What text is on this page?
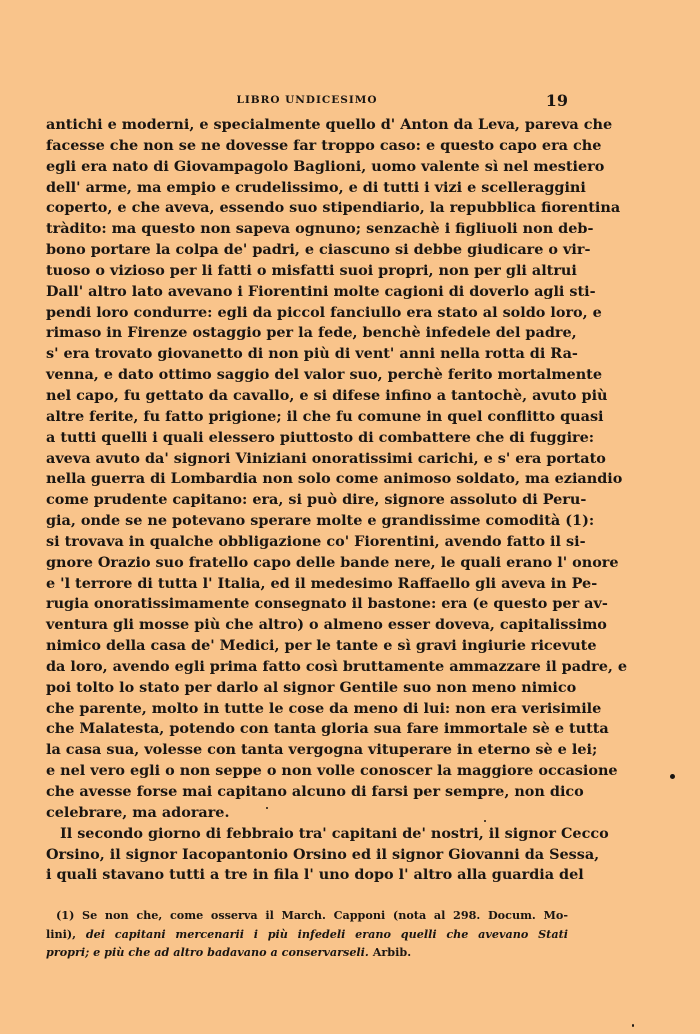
LIBRO UNDICESIMO	19
antichi e moderni, e specialmente quello d' Anton da Leva, pareva che
facesse che non se ne dovesse far troppo caso: e questo capo era che
egli era nato di Giovampagolo Baglioni, uomo valente sì nel mestiero
dell' arme, ma empio e crudelissimo, e di tutti i vizi e scelleraggini
coperto, e che aveva, essendo suo stipendiario, la repubblica fiorentina
tràdito: ma questo non sapeva ognuno; senzachè i figliuoli non deb-
bono portare la colpa de' padri, e ciascuno si debbe giudicare o vir-
tuoso o vizioso per li fatti o misfatti suoi propri, non per gli altrui
Dall' altro lato avevano i Fiorentini molte cagioni di doverlo agli sti-
pendi loro condurre: egli da piccol fanciullo era stato al soldo loro, e
rimaso in Firenze ostaggio per la fede, benchè infedele del padre,
s' era trovato giovanetto di non più di vent' anni nella rotta di Ra-
venna, e dato ottimo saggio del valor suo, perchè ferito mortalmente
nel capo, fu gettato da cavallo, e si difese infino a tantochè, avuto più
altre ferite, fu fatto prigione; il che fu comune in quel conflitto quasi
a tutti quelli i quali elessero piuttosto di combattere che di fuggire:
aveva avuto da' signori Viniziani onoratissimi carichi, e s' era portato
nella guerra di Lombardia non solo come animoso soldato, ma eziandio
come prudente capitano: era, si può dire, signore assoluto di Peru-
gia, onde se ne potevano sperare molte e grandissime comodità (1):
si trovava in qualche obbligazione co' Fiorentini, avendo fatto il si-
gnore Orazio suo fratello capo delle bande nere, le quali erano l' onore
e 'l terrore di tutta l' Italia, ed il medesimo Raffaello gli aveva in Pe-
rugia onoratissimamente consegnato il bastone: era (e questo per av-
ventura gli mosse più che altro) o almeno esser doveva, capitalissimo
nimico della casa de' Medici, per le tante e sì gravi ingiurie ricevute
da loro, avendo egli prima fatto così bruttamente ammazzare il padre, e
poi tolto lo stato per darlo al signor Gentile suo non meno nimico
che parente, molto in tutte le cose da meno di lui: non era verisimile
che Malatesta, potendo con tanta gloria sua fare immortale sè e tutta
la casa sua, volesse con tanta vergogna vituperare in eterno sè e lei;
e nel vero egli o non seppe o non volle conoscer la maggiore occasione
che avesse forse mai capitano alcuno di farsi per sempre, non dico
celebrare, ma adorare.
Il secondo giorno di febbraio tra' capitani de' nostri, il signor Cecco
Orsino, il signor Iacopantonio Orsino ed il signor Giovanni da Sessa,
i quali stavano tutti a tre in fila l' uno dopo l' altro alla guardia del
(1) Se non che, come osserva il March. Capponi (nota al 298. Docum. Mo-
lini), dei capitani mercenarii i più infedeli erano quelli che avevano Stati
propri; e più che ad altro badavano a conservarseli. Arbib.
